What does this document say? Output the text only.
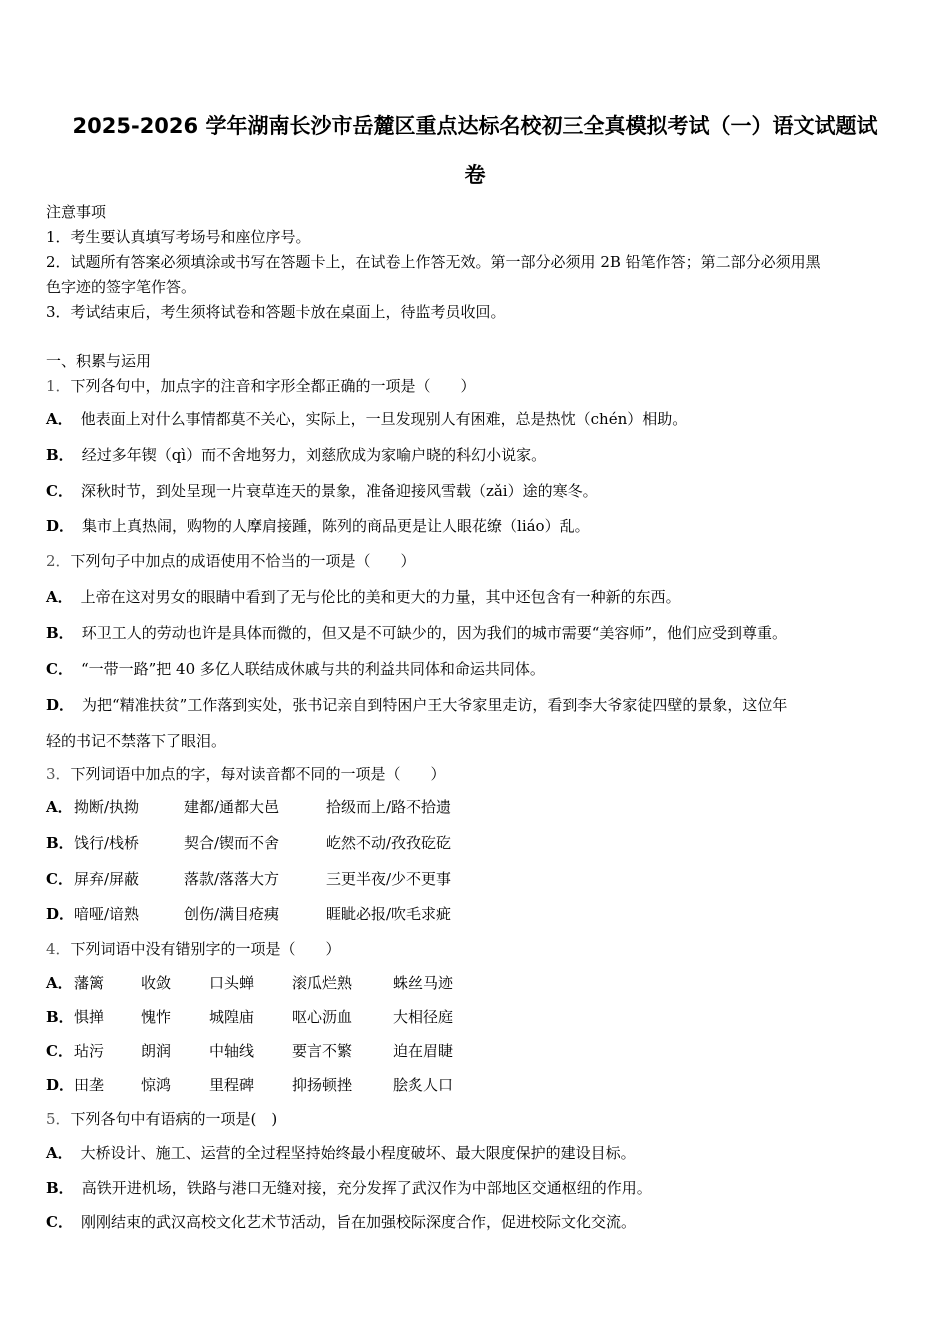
2025-2026 学年湖南长沙市岳麓区重点达标名校初三全真模拟考试（一）语文试题试
卷
注意事项
1．考生要认真填写考场号和座位序号。
2．试题所有答案必须填涂或书写在答题卡上，在试卷上作答无效。第一部分必须用 2B 铅笔作答；第二部分必须用黑
色字迹的签字笔作答。
3．考试结束后，考生须将试卷和答题卡放在桌面上，待监考员收回。
一、积累与运用
1．下列各句中，加点字的注音和字形全都正确的一项是（　　）
A． 他表面上对什么事情都莫不关心，实际上，一旦发现别人有困难，总是热忱（chén）相助。
B． 经过多年锲（qì）而不舍地努力，刘慈欣成为家喻户晓的科幻小说家。
C． 深秋时节，到处呈现一片衰草连天的景象，准备迎接风雪载（zǎi）途的寒冬。
D． 集市上真热闹，购物的人摩肩接踵，陈列的商品更是让人眼花缭（liáo）乱。
2．下列句子中加点的成语使用不恰当的一项是（　　）
A． 上帝在这对男女的眼睛中看到了无与伦比的美和更大的力量，其中还包含有一种新的东西。
B． 环卫工人的劳动也许是具体而微的，但又是不可缺少的，因为我们的城市需要“美容师”，他们应受到尊重。
C． “一带一路”把 40 多亿人联结成休戚与共的利益共同体和命运共同体。
D． 为把“精准扶贫”工作落到实处，张书记亲自到特困户王大爷家里走访，看到李大爷家徒四壁的景象，这位年
轻的书记不禁落下了眼泪。
3．下列词语中加点的字，每对读音都不同的一项是（　　）
A． 拗断/执拗	建都/通都大邑	拾级而上/路不拾遗
B． 饯行/栈桥	契合/锲而不舍	屹然不动/孜孜矻矻
C． 屏弃/屏蔽	落款/落落大方	三更半夜/少不更事
D． 喑哑/谙熟	创伤/满目疮痍	睚眦必报/吹毛求疵
4．下列词语中没有错别字的一项是（　　）
A． 藩篱 收敛	口头蝉	滚瓜烂熟	蛛丝马迹
B． 惧掸 愧怍	城隍庙	呕心沥血	大相径庭
C． 玷污 朗润	中轴线	要言不繁	迫在眉睫
D． 田垄 惊鸿	里程碑	抑扬顿挫	脍炙人口
5．下列各句中有语病的一项是(　)
A． 大桥设计、施工、运营的全过程坚持始终最小程度破坏、最大限度保护的建设目标。
B． 高铁开进机场，铁路与港口无缝对接，充分发挥了武汉作为中部地区交通枢纽的作用。
C． 刚刚结束的武汉高校文化艺术节活动，旨在加强校际深度合作，促进校际文化交流。
